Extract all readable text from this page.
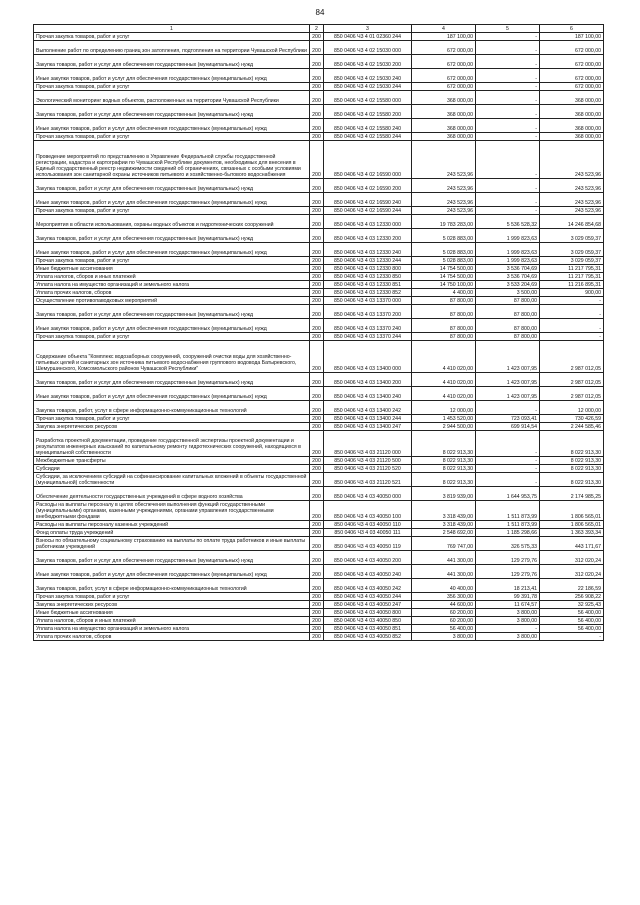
84
1	2	3	4	5	6
Прочая закупка товаров, работ и услуг	200	850 0406 Ч3 4 01 02360 244	187 100,00	-	187 100,00
Выполнение работ по определению границ зон затопления, подтопления на территории Чувашской Республики	200	850 0406 Ч3 4 02 15030 000	672 000,00	-	672 000,00
Закупка товаров, работ и услуг для обеспечения государственных (муниципальных) нужд	200	850 0406 Ч3 4 02 15030 200	672 000,00	-	672 000,00
Иные закупки товаров, работ и услуг для обеспечения государственных (муниципальных) нужд	200	850 0406 Ч3 4 02 15030 240	672 000,00	-	672 000,00
Прочая закупка товаров, работ и услуг	200	850 0406 Ч3 4 02 15030 244	672 000,00	-	672 000,00
Экологический мониторинг водных объектов, расположенных на территории Чувашской Республики	200	850 0406 Ч3 4 02 15580 000	368 000,00	-	368 000,00
Закупка товаров, работ и услуг для обеспечения государственных (муниципальных) нужд	200	850 0406 Ч3 4 02 15580 200	368 000,00	-	368 000,00
Иные закупки товаров, работ и услуг для обеспечения государственных (муниципальных) нужд	200	850 0406 Ч3 4 02 15580 240	368 000,00	-	368 000,00
Прочая закупка товаров, работ и услуг	200	850 0406 Ч3 4 02 15580 244	368 000,00	-	368 000,00
Проведение мероприятий по представлению в Управление Федеральной службы государственной регистрации, кадастра и картографии по Чувашской Республике документов, необходимых для внесения в Единый государственный реестр недвижимости сведений об ограничениях, связанных с особыми условиями использования зон санитарной охраны источников питьевого и хозяйственно-бытового водоснабжения	200	850 0406 Ч3 4 02 16590 000	243 523,96	-	243 523,96
Закупка товаров, работ и услуг для обеспечения государственных (муниципальных) нужд	200	850 0406 Ч3 4 02 16590 200	243 523,96	-	243 523,96
Иные закупки товаров, работ и услуг для обеспечения государственных (муниципальных) нужд	200	850 0406 Ч3 4 02 16590 240	243 523,96	-	243 523,96
Прочая закупка товаров, работ и услуг	200	850 0406 Ч3 4 02 16590 244	243 523,96	-	243 523,96
Мероприятия в области использования, охраны водных объектов и гидротехнических сооружений	200	850 0406 Ч3 4 03 12330 000	19 783 283,00	5 536 528,32	14 246 854,68
Закупка товаров, работ и услуг для обеспечения государственных (муниципальных) нужд	200	850 0406 Ч3 4 03 12330 200	5 028 883,00	1 999 823,63	3 029 059,37
Иные закупки товаров, работ и услуг для обеспечения государственных (муниципальных) нужд	200	850 0406 Ч3 4 03 12330 240	5 028 883,00	1 999 823,63	3 029 059,37
Прочая закупка товаров, работ и услуг	200	850 0406 Ч3 4 03 12330 244	5 028 883,00	1 999 823,63	3 029 059,37
Иные бюджетные ассигнования	200	850 0406 Ч3 4 03 12330 800	14 754 500,00	3 536 704,69	11 217 795,31
Уплата налогов, сборов и иных платежей	200	850 0406 Ч3 4 03 12330 850	14 754 500,00	3 536 704,69	11 217 795,31
Уплата налога на имущество организаций и земельного налога	200	850 0406 Ч3 4 03 12330 851	14 750 100,00	3 533 204,69	11 216 895,31
Уплата прочих налогов, сборов	200	850 0406 Ч3 4 03 12330 852	4 400,00	3 500,00	900,00
Осуществление противопаводковых мероприятий	200	850 0406 Ч3 4 03 13370 000	87 800,00	87 800,00	-
Закупка товаров, работ и услуг для обеспечения государственных (муниципальных) нужд	200	850 0406 Ч3 4 03 13370 200	87 800,00	87 800,00	-
Иные закупки товаров, работ и услуг для обеспечения государственных (муниципальных) нужд	200	850 0406 Ч3 4 03 13370 240	87 800,00	87 800,00	-
Прочая закупка товаров, работ и услуг	200	850 0406 Ч3 4 03 13370 244	87 800,00	87 800,00	-
Содержание объекта "Комплекс водозаборных сооружений, сооружений очистки воды для хозяйственно-питьевых целей и санитарных зон источника питьевого водоснабжения группового водовода Батыревского, Шемуршинского, Комсомольского районов Чувашской Республики"	200	850 0406 Ч3 4 03 13400 000	4 410 020,00	1 423 007,95	2 987 012,05
Закупка товаров, работ и услуг для обеспечения государственных (муниципальных) нужд	200	850 0406 Ч3 4 03 13400 200	4 410 020,00	1 423 007,95	2 987 012,05
Иные закупки товаров, работ и услуг для обеспечения государственных (муниципальных) нужд	200	850 0406 Ч3 4 03 13400 240	4 410 020,00	1 423 007,95	2 987 012,05
Закупка товаров, работ, услуг в сфере информационно-коммуникационных технологий	200	850 0406 Ч3 4 03 13400 242	12 000,00	-	12 000,00
Прочая закупка товаров, работ и услуг	200	850 0406 Ч3 4 03 13400 244	1 453 520,00	723 093,41	730 426,59
Закупка энергетических ресурсов	200	850 0406 Ч3 4 03 13400 247	2 944 500,00	699 914,54	2 244 585,46
Разработка проектной документации, проведение государственной экспертизы проектной документации и результатов инженерных изысканий по капитальному ремонту гидротехнических сооружений, находящихся в муниципальной собственности	200	850 0406 Ч3 4 03 21120 000	8 022 913,30	-	8 022 913,30
Межбюджетные трансферты	200	850 0406 Ч3 4 03 21120 500	8 022 913,30	-	8 022 913,30
Субсидии	200	850 0406 Ч3 4 03 21120 520	8 022 913,30	-	8 022 913,30
Субсидии, за исключением субсидий на софинансирование капитальных вложений в объекты государственной (муниципальной) собственности	200	850 0406 Ч3 4 03 21120 521	8 022 913,30	-	8 022 913,30
Обеспечение деятельности государственных учреждений в сфере водного хозяйства	200	850 0406 Ч3 4 03 40050 000	3 819 939,00	1 644 953,75	2 174 985,25
Расходы на выплаты персоналу в целях обеспечения выполнения функций государственными (муниципальными) органами, казенными учреждениями, органами управления государственными внебюджетными фондами	200	850 0406 Ч3 4 03 40050 100	3 318 439,00	1 511 873,99	1 806 565,01
Расходы на выплаты персоналу казенных учреждений	200	850 0406 Ч3 4 03 40050 110	3 318 439,00	1 511 873,99	1 806 565,01
Фонд оплаты труда учреждений	200	850 0406 Ч3 4 03 40050 111	2 548 692,00	1 185 298,66	1 363 393,34
Взносы по обязательному социальному страхованию на выплаты по оплате труда работников и иные выплаты работникам учреждений	200	850 0406 Ч3 4 03 40050 119	769 747,00	326 575,33	443 171,67
Закупка товаров, работ и услуг для обеспечения государственных (муниципальных) нужд	200	850 0406 Ч3 4 03 40050 200	441 300,00	129 279,76	312 020,24
Иные закупки товаров, работ и услуг для обеспечения государственных (муниципальных) нужд	200	850 0406 Ч3 4 03 40050 240	441 300,00	129 279,76	312 020,24
Закупка товаров, работ, услуг в сфере информационно-коммуникационных технологий	200	850 0406 Ч3 4 03 40050 242	40 400,00	18 213,41	22 186,59
Прочая закупка товаров, работ и услуг	200	850 0406 Ч3 4 03 40050 244	356 300,00	99 391,78	256 908,22
Закупка энергетических ресурсов	200	850 0406 Ч3 4 03 40050 247	44 600,00	11 674,57	32 925,43
Иные бюджетные ассигнования	200	850 0406 Ч3 4 03 40050 800	60 200,00	3 800,00	56 400,00
Уплата налогов, сборов и иных платежей	200	850 0406 Ч3 4 03 40050 850	60 200,00	3 800,00	56 400,00
Уплата налога на имущество организаций и земельного налога	200	850 0406 Ч3 4 03 40050 851	56 400,00	-	56 400,00
Уплата прочих налогов, сборов	200	850 0406 Ч3 4 03 40050 852	3 800,00	3 800,00	-
